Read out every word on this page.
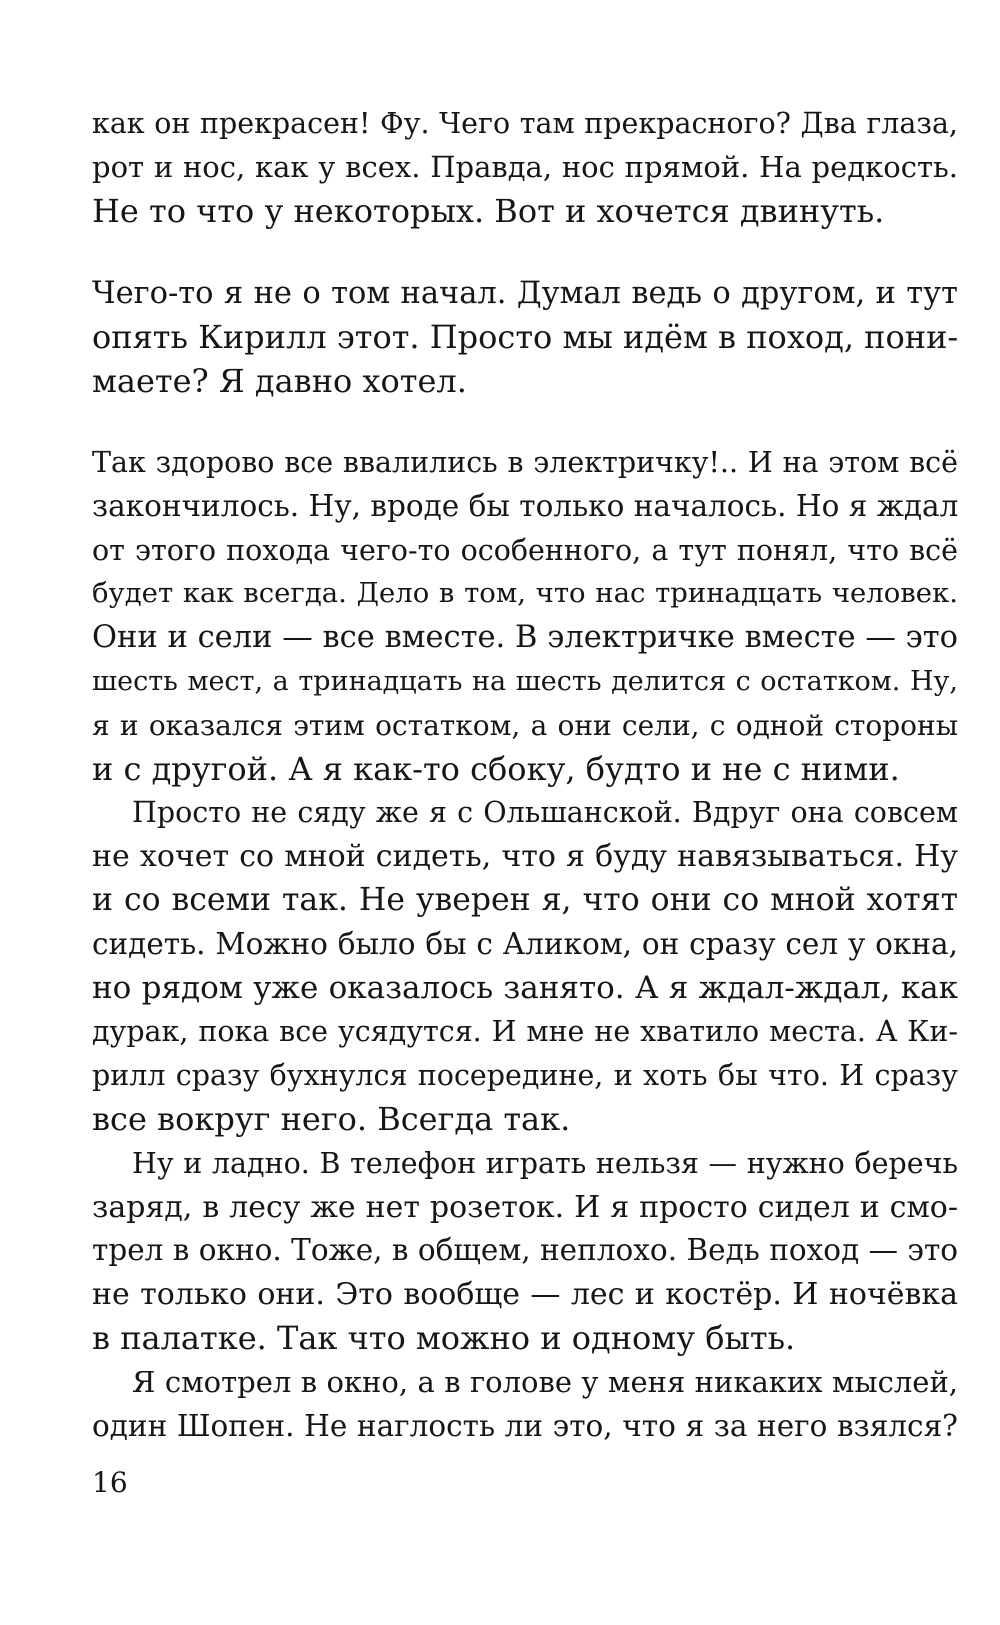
как он прекрасен! Фу. Чего там прекрасного? Два глаза,
рот и нос, как у всех. Правда, нос прямой. На редкость.
Не то что у некоторых. Вот и хочется двинуть.
Чего-то я не о том начал. Думал ведь о другом, и тут
опять Кирилл этот. Просто мы идём в поход, пони-
маете? Я давно хотел.
Так здорово все ввалились в электричку!.. И на этом всё
закончилось. Ну, вроде бы только началось. Но я ждал
от этого похода чего-то особенного, а тут понял, что всё
будет как всегда. Дело в том, что нас тринадцать человек.
Они и сели — все вместе. В электричке вместе — это
шесть мест, а тринадцать на шесть делится с остатком. Ну,
я и оказался этим остатком, а они сели, с одной стороны
и с другой. А я как-то сбоку, будто и не с ними.
Просто не сяду же я с Ольшанской. Вдруг она совсем
не хочет со мной сидеть, что я буду навязываться. Ну
и со всеми так. Не уверен я, что они со мной хотят
сидеть. Можно было бы с Аликом, он сразу сел у окна,
но рядом уже оказалось занято. А я ждал-ждал, как
дурак, пока все усядутся. И мне не хватило места. А Ки-
рилл сразу бухнулся посередине, и хоть бы что. И сразу
все вокруг него. Всегда так.
Ну и ладно. В телефон играть нельзя — нужно беречь
заряд, в лесу же нет розеток. И я просто сидел и смо-
трел в окно. Тоже, в общем, неплохо. Ведь поход — это
не только они. Это вообще — лес и костёр. И ночёвка
в палатке. Так что можно и одному быть.
Я смотрел в окно, а в голове у меня никаких мыслей,
один Шопен. Не наглость ли это, что я за него взялся?
16
